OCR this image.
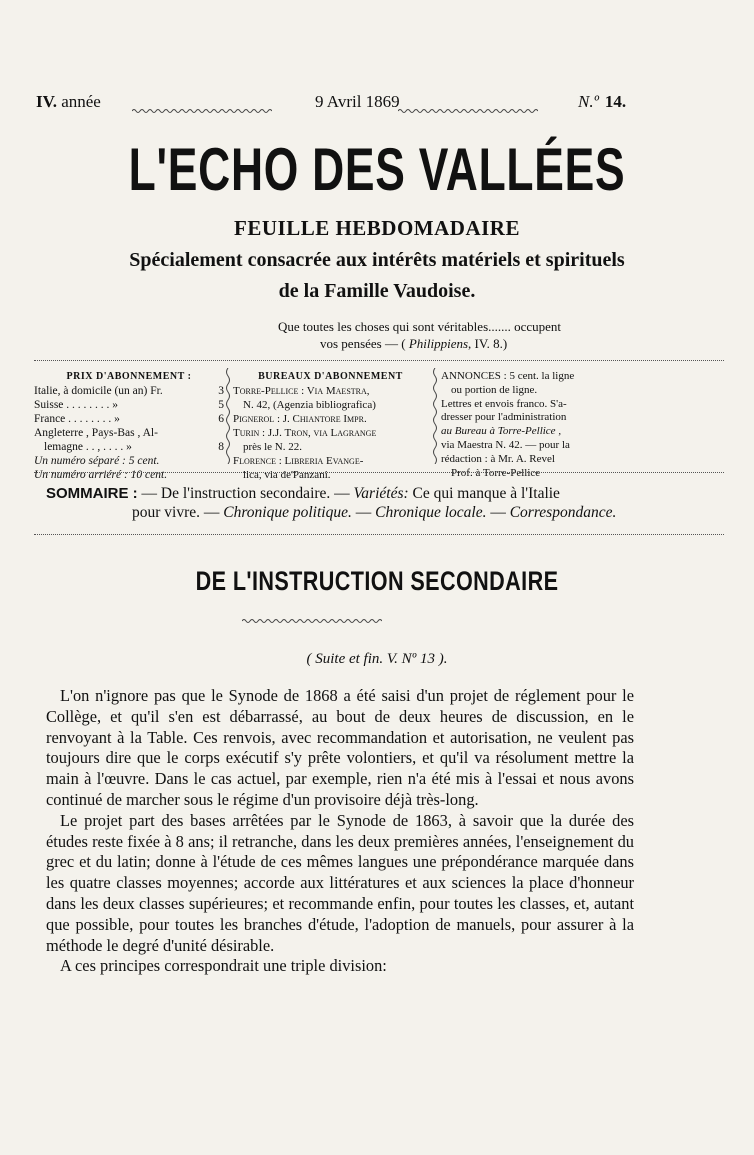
IV. année	9 Avril 1869	N.º 14.
L'ECHO DES VALLÉES
FEUILLE HEBDOMADAIRE
Spécialement consacrée aux intérêts matériels et spirituels
de la Famille Vaudoise.
Que toutes les choses qui sont véritables....... occupent
vos pensées — ( Philippiens, IV. 8.)
PRIX D'ABONNEMENT :
Italie, à domicile (un an) Fr.	3
Suisse . . . . . . . . »	5
France . . . . . . . . »	6
Angleterre , Pays-Bas , Al-
lemagne . . , . . . . »	8
Un numéro séparé : 5 cent.
Un numéro arriéré : 10 cent.
BUREAUX D'ABONNEMENT
Torre-Pellice : Via Maestra,
N. 42, (Agenzia bibliografica)
Pignerol : J. Chiantore Impr.
Turin : J.J. Tron, via Lagrange
près le N. 22.
Florence : Libreria Evange-
lica, via de'Panzani.
ANNONCES : 5 cent. la ligne
ou portion de ligne.
Lettres et envois franco. S'a-
dresser pour l'administration
au Bureau à Torre-Pellice ,
via Maestra N. 42. — pour la
rédaction : à Mr. A. Revel
Prof. à Torre-Pellice
SOMMAIRE : — De l'instruction secondaire. — Variétés: Ce qui manque à l'Italie
pour vivre. — Chronique politique. — Chronique locale. — Correspondance.
DE L'INSTRUCTION SECONDAIRE
( Suite et fin. V. Nº 13 ).

L'on n'ignore pas que le Synode de 1868 a été saisi d'un projet de réglement pour le Collège, et qu'il s'en est débarrassé, au bout de deux heures de discussion, en le renvoyant à la Table. Ces renvois, avec recommandation et autorisation, ne veulent pas toujours dire que le corps exécutif s'y prête volontiers, et qu'il va résolument mettre la main à l'œuvre. Dans le cas actuel, par exemple, rien n'a été mis à l'essai et nous avons continué de marcher sous le régime d'un provisoire déjà très-long.

Le projet part des bases arrêtées par le Synode de 1863, à savoir que la durée des études reste fixée à 8 ans; il retranche, dans les deux premières années, l'enseignement du grec et du latin; donne à l'étude de ces mêmes langues une prépondérance marquée dans les quatre classes moyennes; accorde aux littératures et aux sciences la place d'honneur dans les deux classes supérieures; et recommande enfin, pour toutes les classes, et, autant que possible, pour toutes les branches d'étude, l'adoption de manuels, pour assurer à la méthode le degré d'unité désirable.

A ces principes correspondrait une triple division:
